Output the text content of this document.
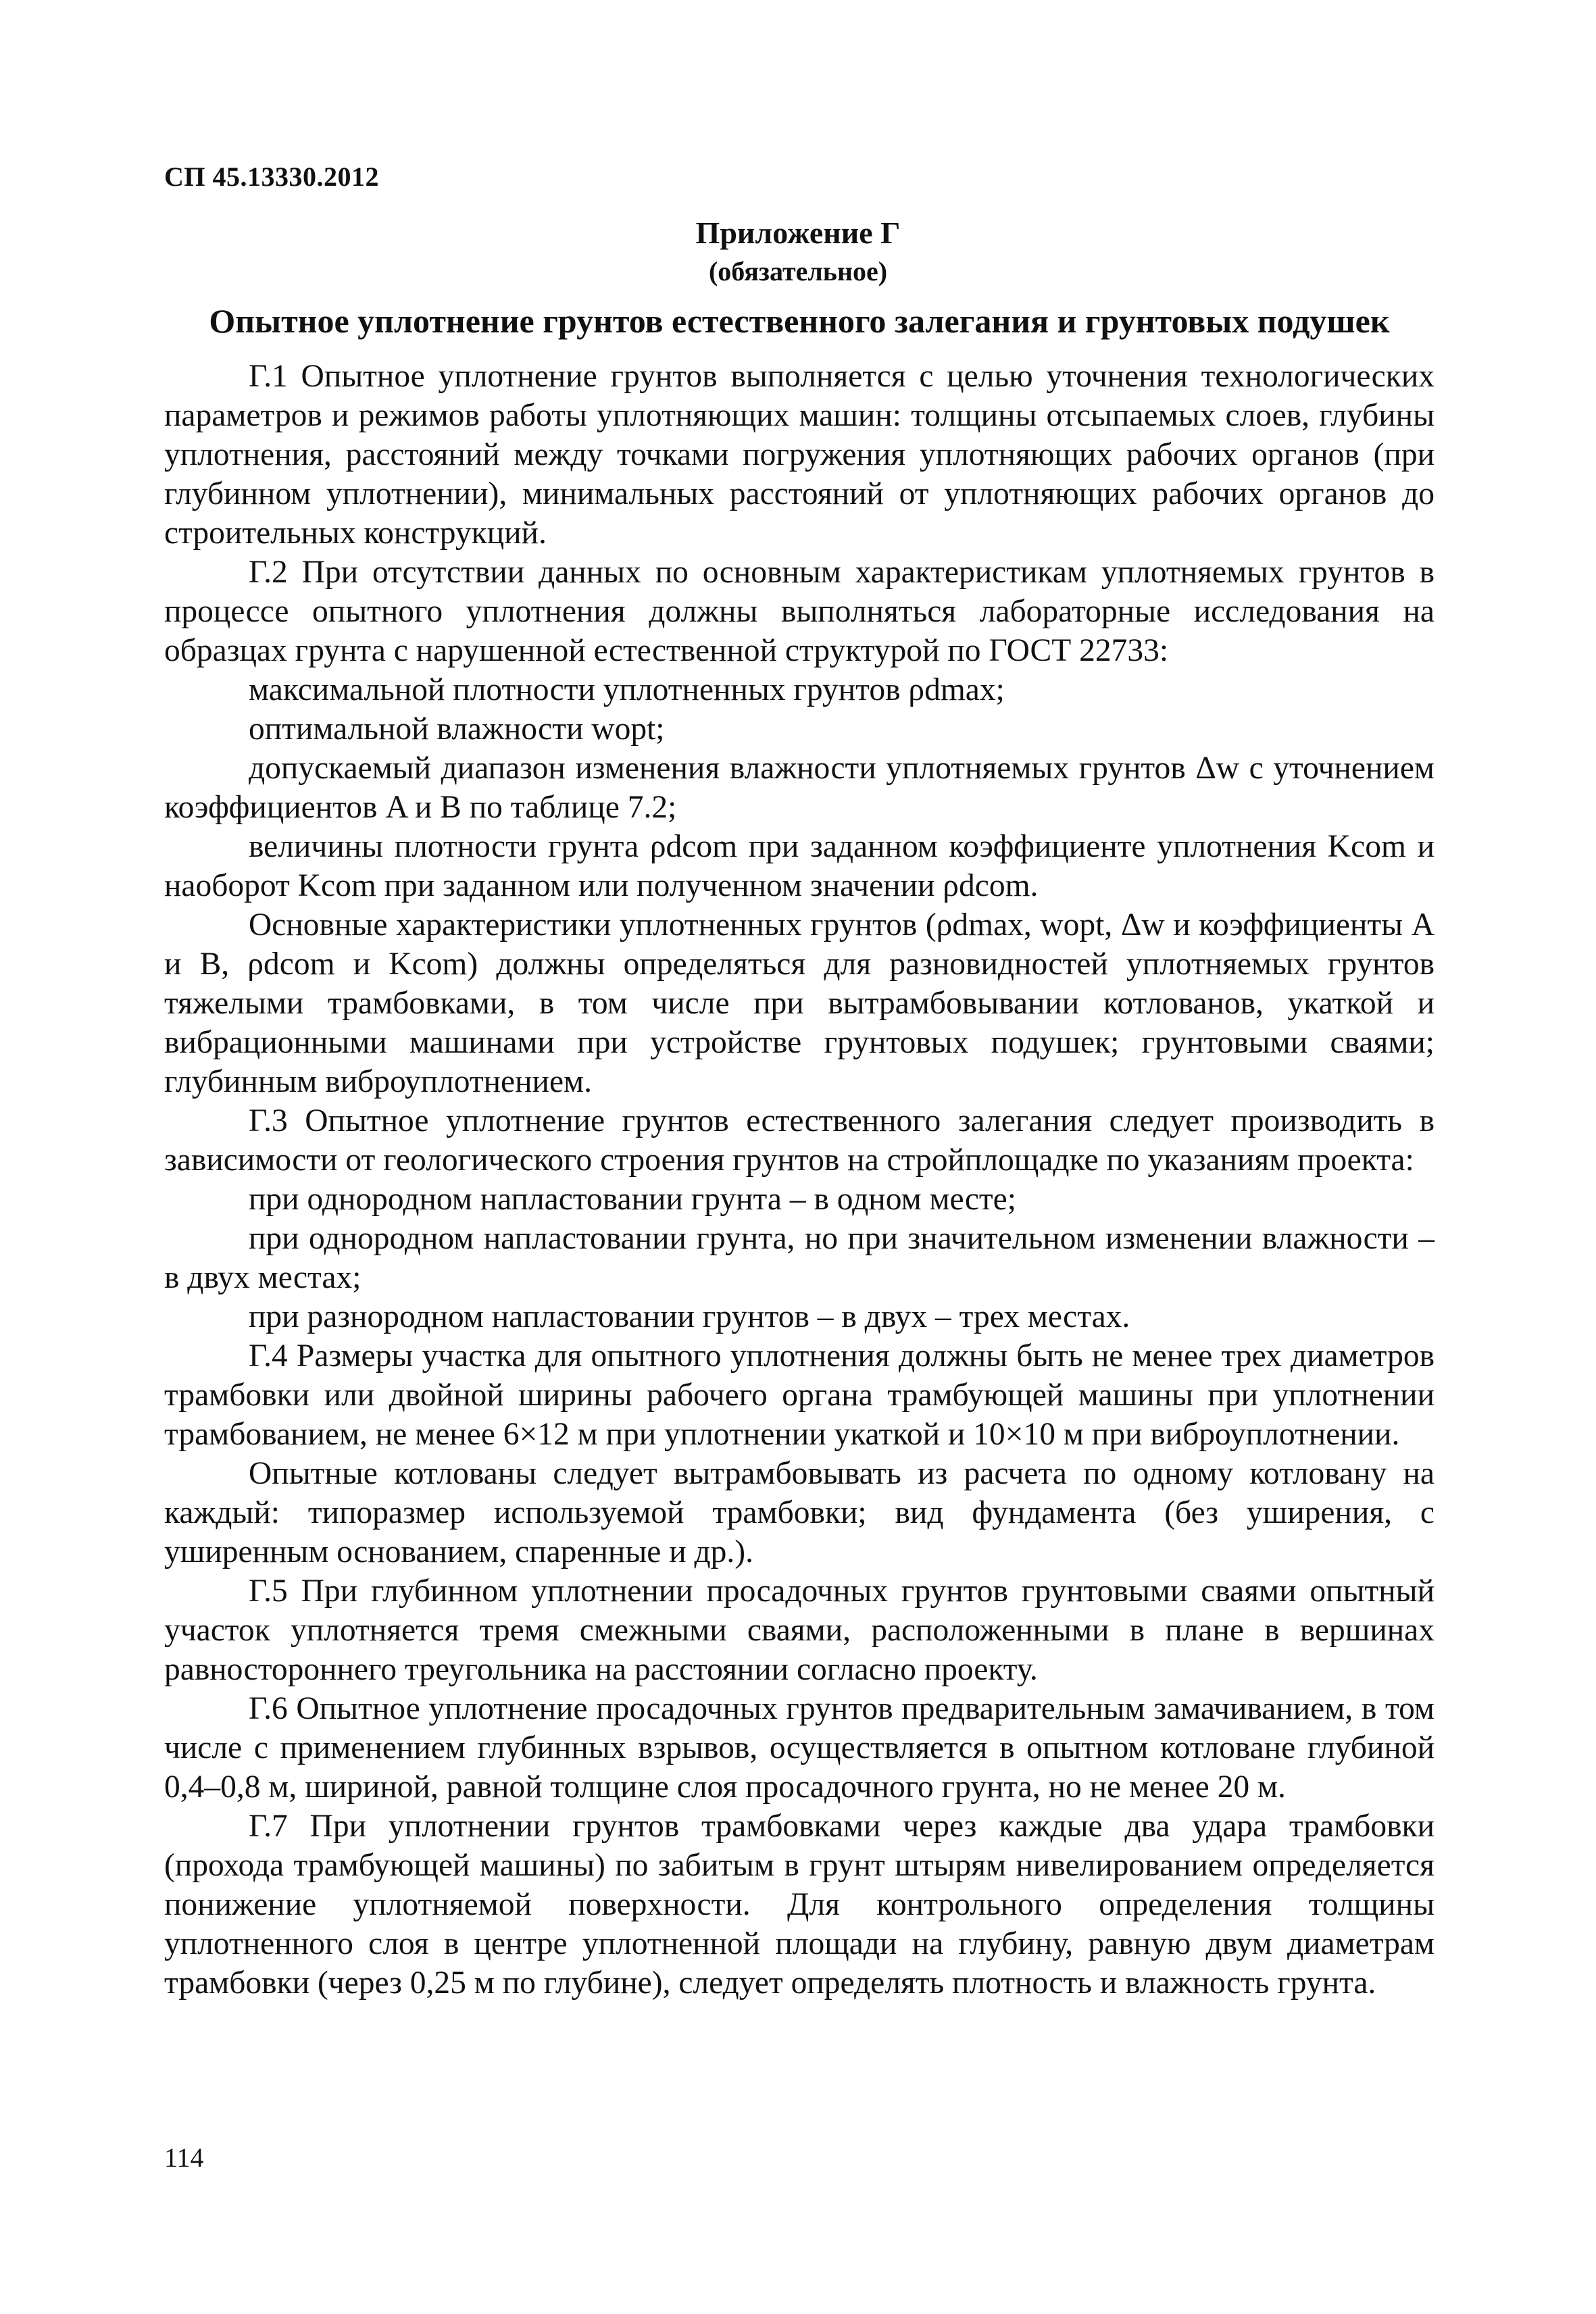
СП 45.13330.2012
Приложение Г
(обязательное)
Опытное уплотнение грунтов естественного залегания и грунтовых подушек

Г.1 Опытное уплотнение грунтов выполняется с целью уточнения технологических параметров и режимов работы уплотняющих машин: толщины отсыпаемых слоев, глубины уплотнения, расстояний между точками погружения уплотняющих рабочих органов (при глубинном уплотнении), минимальных расстояний от уплотняющих рабочих органов до строительных конструкций.

Г.2 При отсутствии данных по основным характеристикам уплотняемых грунтов в процессе опытного уплотнения должны выполняться лабораторные исследования на образцах грунта с нарушенной естественной структурой по ГОСТ 22733:

максимальной плотности уплотненных грунтов ρdmax;

оптимальной влажности wopt;

допускаемый диапазон изменения влажности уплотняемых грунтов Δw с уточнением коэффициентов A и B по таблице 7.2;

величины плотности грунта ρdcom при заданном коэффициенте уплотнения Kcom и наоборот Kcom при заданном или полученном значении ρdcom.

Основные характеристики уплотненных грунтов (ρdmax, wopt, Δw и коэффициенты A и B, ρdcom и Kcom) должны определяться для разновидностей уплотняемых грунтов тяжелыми трамбовками, в том числе при вытрамбовывании котлованов, укаткой и вибрационными машинами при устройстве грунтовых подушек; грунтовыми сваями; глубинным виброуплотнением.

Г.3 Опытное уплотнение грунтов естественного залегания следует производить в зависимости от геологического строения грунтов на стройплощадке по указаниям проекта:

при однородном напластовании грунта – в одном месте;

при однородном напластовании грунта, но при значительном изменении влажности – в двух местах;

при разнородном напластовании грунтов – в двух – трех местах.

Г.4 Размеры участка для опытного уплотнения должны быть не менее трех диаметров трамбовки или двойной ширины рабочего органа трамбующей машины при уплотнении трамбованием, не менее 6×12 м при уплотнении укаткой и 10×10 м при виброуплотнении.

Опытные котлованы следует вытрамбовывать из расчета по одному котловану на каждый: типоразмер используемой трамбовки; вид фундамента (без уширения, с уширенным основанием, спаренные и др.).

Г.5 При глубинном уплотнении просадочных грунтов грунтовыми сваями опытный участок уплотняется тремя смежными сваями, расположенными в плане в вершинах равностороннего треугольника на расстоянии согласно проекту.

Г.6 Опытное уплотнение просадочных грунтов предварительным замачиванием, в том числе с применением глубинных взрывов, осуществляется в опытном котловане глубиной 0,4–0,8 м, шириной, равной толщине слоя просадочного грунта, но не менее 20 м.

Г.7 При уплотнении грунтов трамбовками через каждые два удара трамбовки (прохода трамбующей машины) по забитым в грунт штырям нивелированием определяется понижение уплотняемой поверхности. Для контрольного определения толщины уплотненного слоя в центре уплотненной площади на глубину, равную двум диаметрам трамбовки (через 0,25 м по глубине), следует определять плотность и влажность грунта.

114
